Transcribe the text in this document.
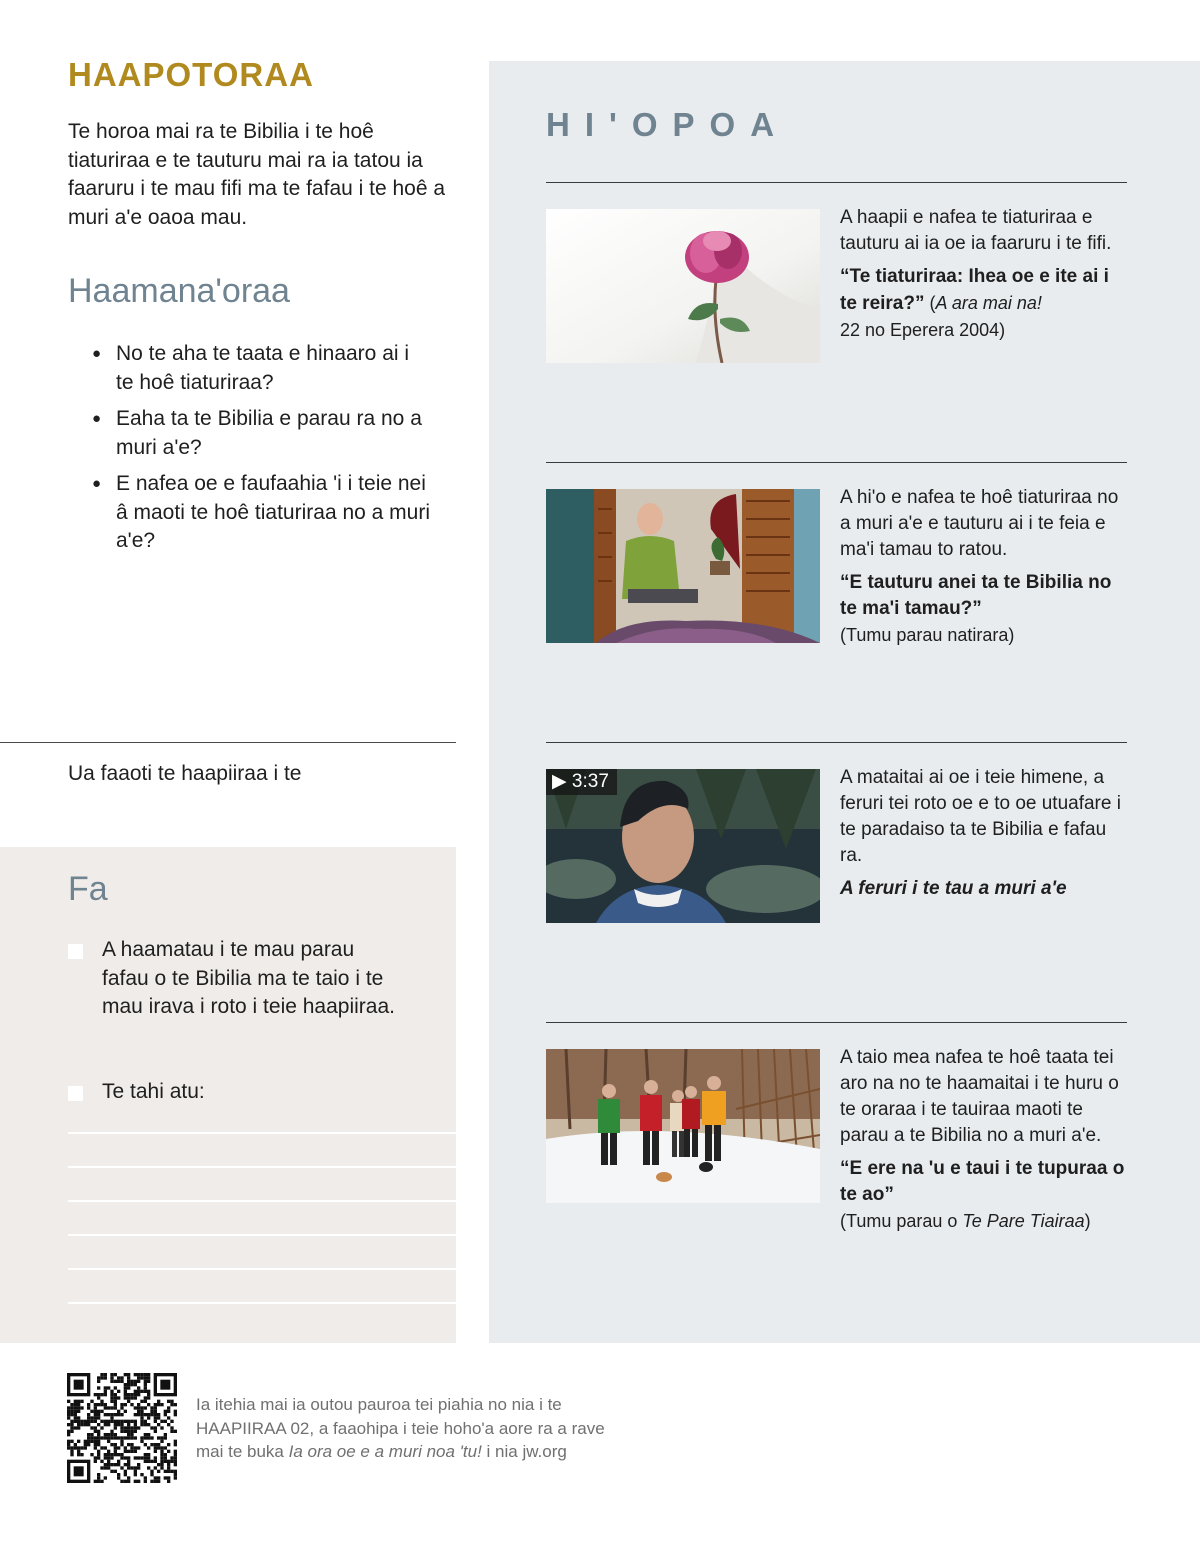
HAAPOTORAA
Te horoa mai ra te Bibilia i te hoê tiaturiraa e te tauturu mai ra ia tatou ia faaruru i te mau fifi ma te fafau i te hoê a muri a'e oaoa mau.
Haamana'oraa
● No te aha te taata e hinaaro ai i te hoê tiaturiraa?
● Eaha ta te Bibilia e parau ra no a muri a'e?
● E nafea oe e faufaahia 'i i teie nei â maoti te hoê tiaturiraa no a muri a'e?
Ua faaoti te haapiiraa i te
Fa
A haamatau i te mau parau fafau o te Bibilia ma te taio i te mau irava i roto i teie haapiiraa.
Te tahi atu:
HI'OPOA
A haapii e nafea te tiaturiraa e tauturu ai ia oe ia faaruru i te fifi.
“Te tiaturiraa: Ihea oe e ite ai i te reira?” (A ara mai na!
22 no Eperera 2004)
A hi'o e nafea te hoê tiaturiraa no a muri a'e e tauturu ai i te feia e ma'i tamau to ratou.
“E tauturu anei ta te Bibilia no te ma'i tamau?”
(Tumu parau natirara)
▶ 3:37	A mataitai ai oe i teie himene, a feruri tei roto oe e to oe utuafare i te paradaiso ta te Bibilia e fafau ra.
A feruri i te tau a muri a'e
A taio mea nafea te hoê taata tei aro na no te haamaitai i te huru o te oraraa i te tauiraa maoti te parau a te Bibilia no a muri a'e.
“E ere na 'u e taui i te tupuraa o te ao”
(Tumu parau o Te Pare Tiairaa)
Ia itehia mai ia outou pauroa tei piahia no nia i te HAAPIIRAA 02, a faaohipa i teie hoho'a aore ra a rave mai te buka Ia ora oe e a muri noa 'tu! i nia jw.org
